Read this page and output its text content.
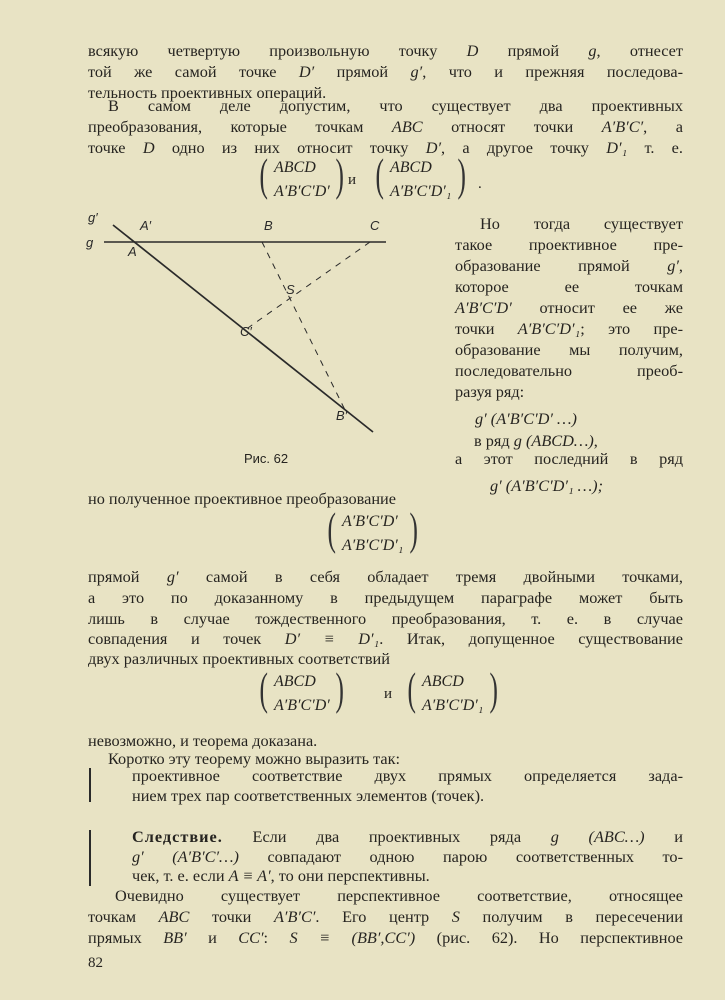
всякую четвертую произвольную точку D прямой g, отнесет
той же самой точке D′ прямой g′, что и прежняя последова-
тельность проективных операций.
В самом деле допустим, что существует два проективных
преобразования, которые точкам ABC относят точки A′B′C′, а
точке D одно из них относит точку D′, а другое точку D′₁ т. е.
Но тогда существует
такое проективное пре-
образование прямой g′,
которое ее точкам
A′B′C′D′ относит ее же
точки A′B′C′D′₁; это пре-
образование мы получим,
последовательно преоб-
разуя ряд:
g′ (A′B′C′D′ …)
в ряд g (ABCD…),
а этот последний в ряд
g′ (A′B′C′D′₁ …);
но полученное проективное преобразование
прямой g′ самой в себя обладает тремя двойными точками,
а это по доказанному в предыдущем параграфе может быть
лишь в случае тождественного преобразования, т. е. в случае
совпадения и точек D′ ≡ D′₁. Итак, допущенное существование
двух различных проективных соответствий
невозможно, и теорема доказана.
Коротко эту теорему можно выразить так:
проективное соответствие двух прямых определяется зада-
нием трех пар соответственных элементов (точек).
Следствие. Если два проективных ряда g (ABC…) и
g′ (A′B′C′…) совпадают одною парою соответственных то-
чек, т. е. если A ≡ A′, то они перспективны.
Очевидно существует перспективное соответствие, относящее
точкам ABC точки A′B′C′. Его центр S получим в пересечении
прямых BB′ и CC′: S ≡ (BB′,CC′) (рис. 62). Но перспективное
g′
g
A′
A
B	C
S
C′
B′
Рис. 62
( ABCD
A′B′C′D′ ) и ( ABCD
A′B′C′D′₁ ) .
( A′B′C′D′
A′B′C′D′₁ )
( ABCD
A′B′C′D′ )	и ( ABCD
A′B′C′D′₁ )
82
